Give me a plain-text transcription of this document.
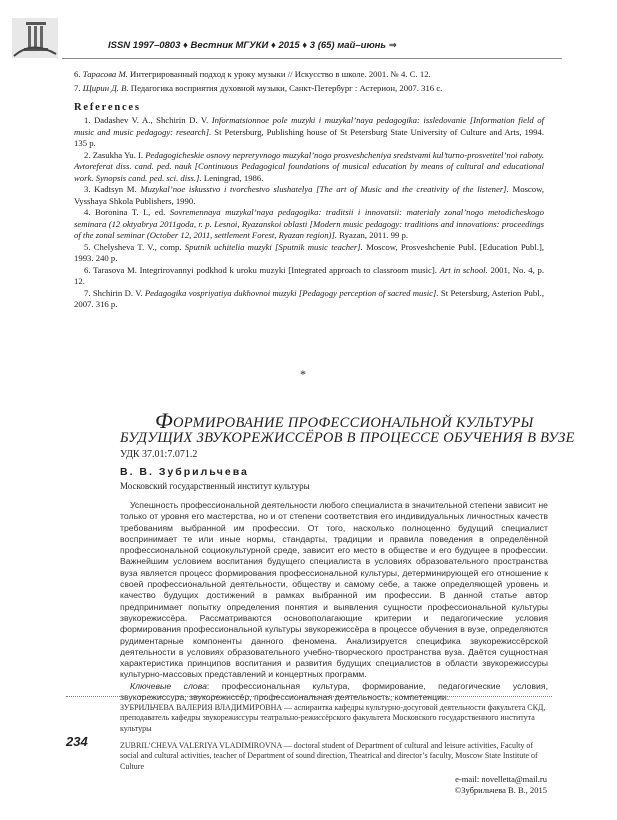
ISSN 1997–0803 ♦ Вестник МГУКИ ♦ 2015 ♦ 3 (65) май–июнь ⇒
6. Тарасова М. Интегрированный подход к уроку музыки // Искусство в школе. 2001. № 4. С. 12.
7. Щирин Д. В. Педагогика восприятия духовной музыки, Санкт-Петербург : Астерион, 2007. 316 с.
References

1. Dadashev V. A., Shchirin D. V. Informatsionnoe pole muzyki i muzykal’naya pedagogika: issledovanie [Information field of music and music pedagogy: research]. St Petersburg, Publishing house of St Petersburg State University of Culture and Arts, 1994. 135 p.

2. Zasukha Yu. I. Pedagogicheskie osnovy nepreryvnogo muzykal’nogo prosveshcheniya sredstvami kul’turno-prosvetitel’noi raboty. Avtoreferat diss. cand. ped. nauk [Continuous Pedagogical foundations of musical education by means of cultural and educational work. Synopsis cand. ped. sci. diss.]. Leningrad, 1986.

3. Kadtsyn M. Muzykal’noe iskusstvo i tvorchestvo slushatelya [The art of Music and the creativity of the listener]. Moscow, Vysshaya Shkola Publishers, 1990.

4. Boronina T. I., ed. Sovremennaya muzykal’naya pedagogika: traditsii i innovatsii: materialy zonal’nogo metodicheskogo seminara (12 oktyabrya 2011goda, r. p. Lesnoi, Ryazanskoi oblasti [Modern music pedagogy: traditions and innovations: proceedings of the zonal seminar (October 12, 2011, settlement Forest, Ryazan region)]. Ryazan, 2011. 99 p.

5. Chelysheva T. V., comp. Sputnik uchitelia muzyki [Sputnik music teacher]. Moscow, Prosveshchenie Publ. [Education Publ.], 1993. 240 p.

6. Tarasova M. Integrirovannyi podkhod k uroku muzyki [Integrated approach to classroom music]. Art in school. 2001, No. 4, p. 12.

7. Shchirin D. V. Pedagogika vospriyatiya dukhovnoi muzyki [Pedagogy perception of sacred music]. St Petersburg, Asterion Publ., 2007. 316 p.

*
ФОРМИРОВАНИЕ ПРОФЕССИОНАЛЬНОЙ КУЛЬТУРЫ
БУДУЩИХ ЗВУКОРЕЖИССЁРОВ В ПРОЦЕССЕ ОБУЧЕНИЯ В ВУЗЕ
УДК 37.01:7.071.2
В. В. Зубрильчева
Московский государственный институт культуры

Успешность профессиональной деятельности любого специалиста в значительной степени зависит не только от уровня его мастерства, но и от степени соответствия его индивидуальных личностных качеств требованиям выбранной им профессии. От того, насколько полноценно будущий специалист воспринимает те или иные нормы, стандарты, традиции и правила поведения в определённой профессиональной социокультурной среде, зависит его место в обществе и его будущее в профессии. Важнейшим условием воспитания будущего специалиста в условиях образовательного пространства вуза является процесс формирования профессиональной культуры, детерминирующей его отношение к своей профессиональной деятельности, обществу и самому себе, а также определяющей уровень и качество будущих достижений в рамках выбранной им профессии. В данной статье автор предпринимает попытку определения понятия и выявления сущности профессиональной культуры звукорежиссёра. Рассматриваются основополагающие критерии и педагогические условия формирования профессиональной культуры звукорежиссёра в процессе обучения в вузе, определяются рудиментарные компоненты данного феномена. Анализируется специфика звукорежиссёрской деятельности в условиях образовательного учебно-творческого пространства вуза. Даётся сущностная характеристика принципов воспитания и развития будущих специалистов в области звукорежиссуры культурно-массовых представлений и концертных программ.

Ключевые слова: профессиональная культура, формирование, педагогические условия, звукорежиссура, звукорежиссёр, профессиональная деятельность, компетенции.

ЗУБРИЛЬЧЕВА ВАЛЕРИЯ ВЛАДИМИРОВНА — аспирантка кафедры культурно-досуговой деятельности факультета СКД, преподаватель кафедры звукорежиссуры театрально-режиссёрского факультета Московского государственного института культуры
234	ZUBRIL’CHEVA VALERIYA VLADIMIROVNA — doctoral student of Department of cultural and leisure activities, Faculty of social and cultural activities, teacher of Department of sound direction, Theatrical and director’s faculty, Moscow State Institute of Culture
e-mail: novelletta@mail.ru
©Зубрильчева В. В., 2015
